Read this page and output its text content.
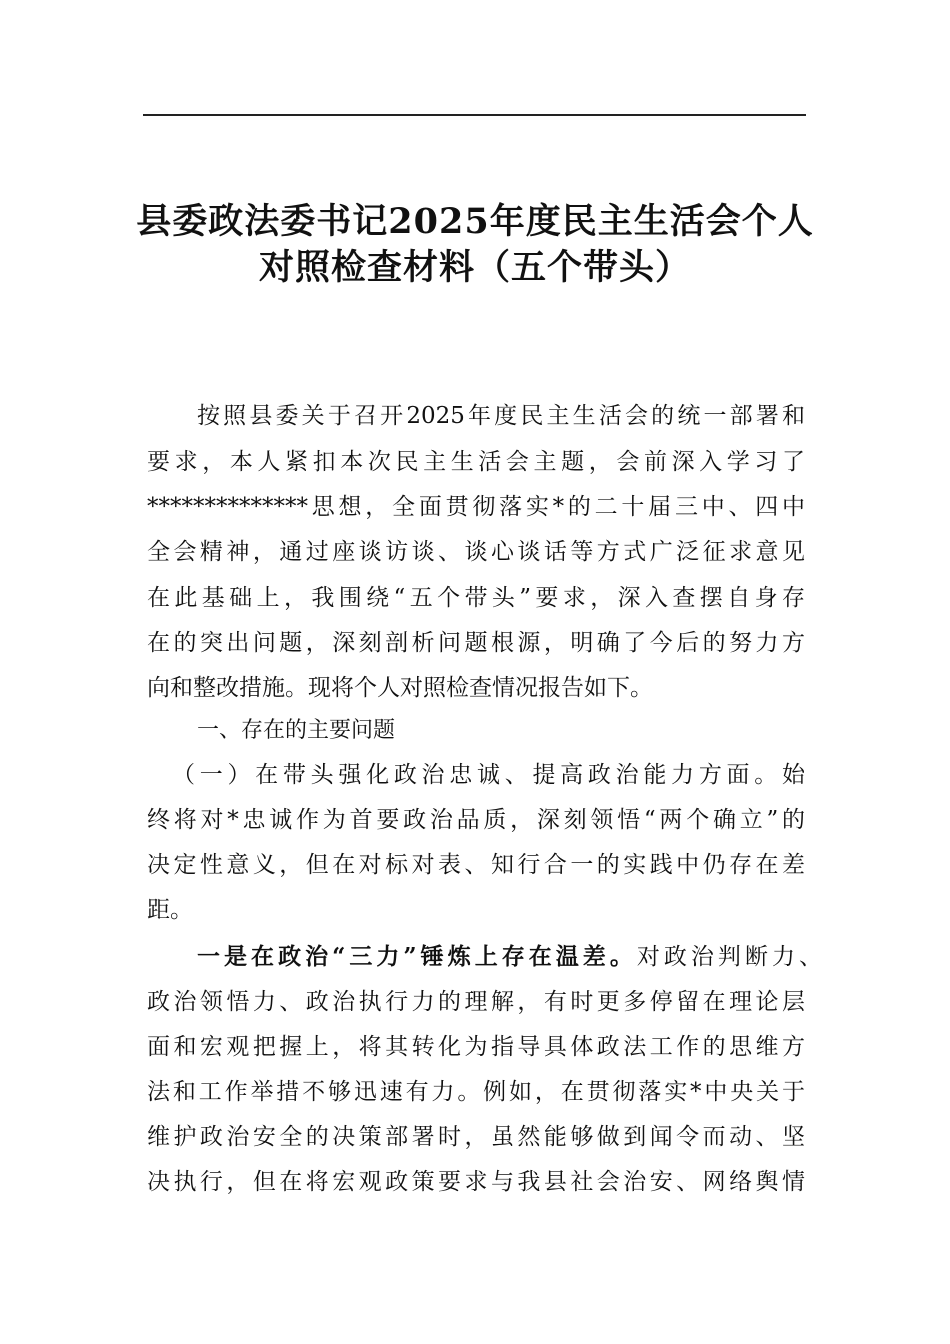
县委政法委书记2025年度民主生活会个人
对照检查材料（五个带头）
按照县委关于召开2025年度民主生活会的统一部署和
要求，本人紧扣本次民主生活会主题，会前深入学习了
**************思想，全面贯彻落实*的二十届三中、四中
全会精神，通过座谈访谈、谈心谈话等方式广泛征求意见
在此基础上，我围绕“五个带头”要求，深入查摆自身存
在的突出问题，深刻剖析问题根源，明确了今后的努力方
向和整改措施。现将个人对照检查情况报告如下。
一、存在的主要问题
（一）在带头强化政治忠诚、提高政治能力方面。始
终将对*忠诚作为首要政治品质，深刻领悟“两个确立”的
决定性意义，但在对标对表、知行合一的实践中仍存在差
距。
一是在政治“三力”锤炼上存在温差。对政治判断力、
政治领悟力、政治执行力的理解，有时更多停留在理论层
面和宏观把握上，将其转化为指导具体政法工作的思维方
法和工作举措不够迅速有力。例如，在贯彻落实*中央关于
维护政治安全的决策部署时，虽然能够做到闻令而动、坚
决执行，但在将宏观政策要求与我县社会治安、网络舆情
